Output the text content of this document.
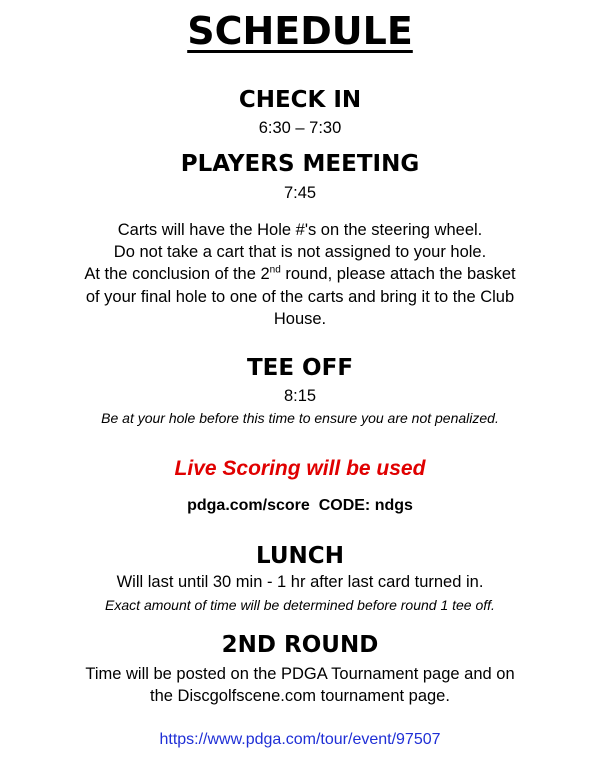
SCHEDULE
CHECK IN
6:30 – 7:30
PLAYERS MEETING
7:45
Carts will have the Hole #'s on the steering wheel.
Do not take a cart that is not assigned to your hole.
At the conclusion of the 2nd round, please attach the basket
of your final hole to one of the carts and bring it to the Club
House.
TEE OFF
8:15
Be at your hole before this time to ensure you are not penalized.
Live Scoring will be used
pdga.com/score  CODE: ndgs
LUNCH
Will last until 30 min - 1 hr after last card turned in.
Exact amount of time will be determined before round 1 tee off.
2ND ROUND
Time will be posted on the PDGA Tournament page and on
the Discgolfscene.com tournament page.
https://www.pdga.com/tour/event/97507
